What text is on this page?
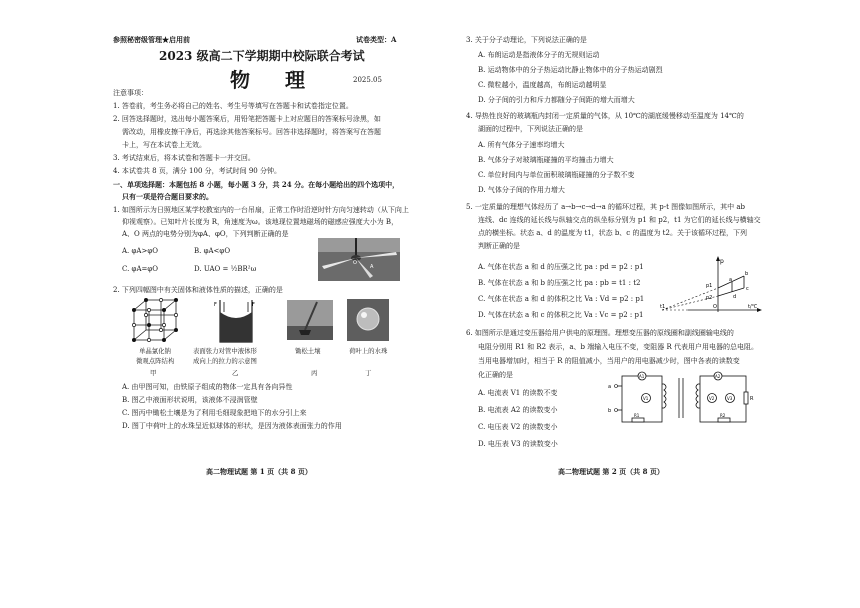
参照秘密级管理★启用前	试卷类型：A
2023 级高二下学期期中校际联合考试
物 理	2025.05
注意事项：
1. 答卷前，考生务必将自己的姓名、考生号等填写在答题卡和试卷指定位置。
2. 回答选择题时，选出每小题答案后，用铅笔把答题卡上对应题目的答案标号涂黑，如
需改动，用橡皮擦干净后，再选涂其他答案标号。回答非选择题时，将答案写在答题
卡上，写在本试卷上无效。
3. 考试结束后，将本试卷和答题卡一并交回。
4. 本试卷共 8 页，满分 100 分，考试时间 90 分钟。
一、单项选择题：本题包括 8 小题，每小题 3 分，共 24 分。在每小题给出的四个选项中，
只有一项是符合题目要求的。
1. 如图所示为日照地区某学校教室内的一台吊扇，正常工作时沿逆时针方向匀速转动（从下向上
仰视观察）。已知叶片长度为 R，角速度为ω。该地现位置地磁场的磁感应强度大小为 B，
A、O 两点的电势分别为φA、φO，下列判断正确的是
A. φA>φO	B. φA<φO
C. φA=φO	D. UAO = ½BR²ω	A
O
2. 下列四幅图中有关固体和液体性质的描述，正确的是
F	F
单晶氯化钠
微观点阵结构
表面张力对管中液体形
成向上的拉力的示意图
锄松土壤	荷叶上的水珠
甲	乙	丙	丁
A. 由甲图可知，由铁原子组成的物体一定具有各向异性
B. 图乙中液面形状说明，该液体不浸润管壁
C. 图丙中锄松土壤是为了利用毛细现象把地下的水分引上来
D. 图丁中荷叶上的水珠呈近似球体的形状，是因为液体表面张力的作用
高二物理试题 第 1 页（共 8 页）
3. 关于分子动理论，下列说法正确的是
A. 布朗运动是指液体分子的无规则运动
B. 运动物体中的分子热运动比静止物体中的分子热运动剧烈
C. 微粒越小，温度越高，布朗运动越明显
D. 分子间的引力和斥力都随分子间距的增大而增大
4. 导热性良好的玻璃瓶内封闭一定质量的气体，从 10℃的湖底缓慢移动至温度为 14℃的
湖面的过程中，下列说法正确的是
A. 所有气体分子速率均增大
B. 气体分子对玻璃瓶碰撞的平均撞击力增大
C. 单位时间内与单位面积玻璃瓶碰撞的分子数不变
D. 气体分子间的作用力增大
5. 一定质量的理想气体经历了 a→b→c→d→a 的循环过程，其 p-t 图像如图所示，其中 ab
连线、dc 连线的延长线与纵轴交点的纵坐标分别为 p1 和 p2，t1 为它们的延长线与横轴交
点的横坐标。状态 a、d 的温度为 t1，状态 b、c 的温度为 t2。关于该循环过程，下列
判断正确的是
A. 气体在状态 a 和 d 的压强之比 pa : pd = p2 : p1
B. 气体在状态 a 和 b 的压强之比 pa : pb = t1 : t2
C. 气体在状态 a 和 d 的体积之比 Va : Vd = p2 : p1
D. 气体在状态 a 和 c 的体积之比 Va : Vc = p2 : p1
p
t/℃
t1	O
p1
p2
a
b
c
d
6. 如图所示是通过变压器给用户供电的原理图。理想变压器的原线圈和副线圈输电线的
电阻分别用 R1 和 R2 表示，a、b 端输入电压不变，变阻器 R 代表用户用电器的总电阻。
当用电器增加时，相当于 R 的阻值减小，当用户的用电器减少时，图中各表的读数变
化正确的是
A. 电流表 V1 的读数不变
B. 电流表 A2 的读数变小
C. 电压表 V2 的读数变小
D. 电压表 V3 的读数变小
a
b
A1	A2
V1	V2	V3
R1	R2
R
高二物理试题 第 2 页（共 8 页）
